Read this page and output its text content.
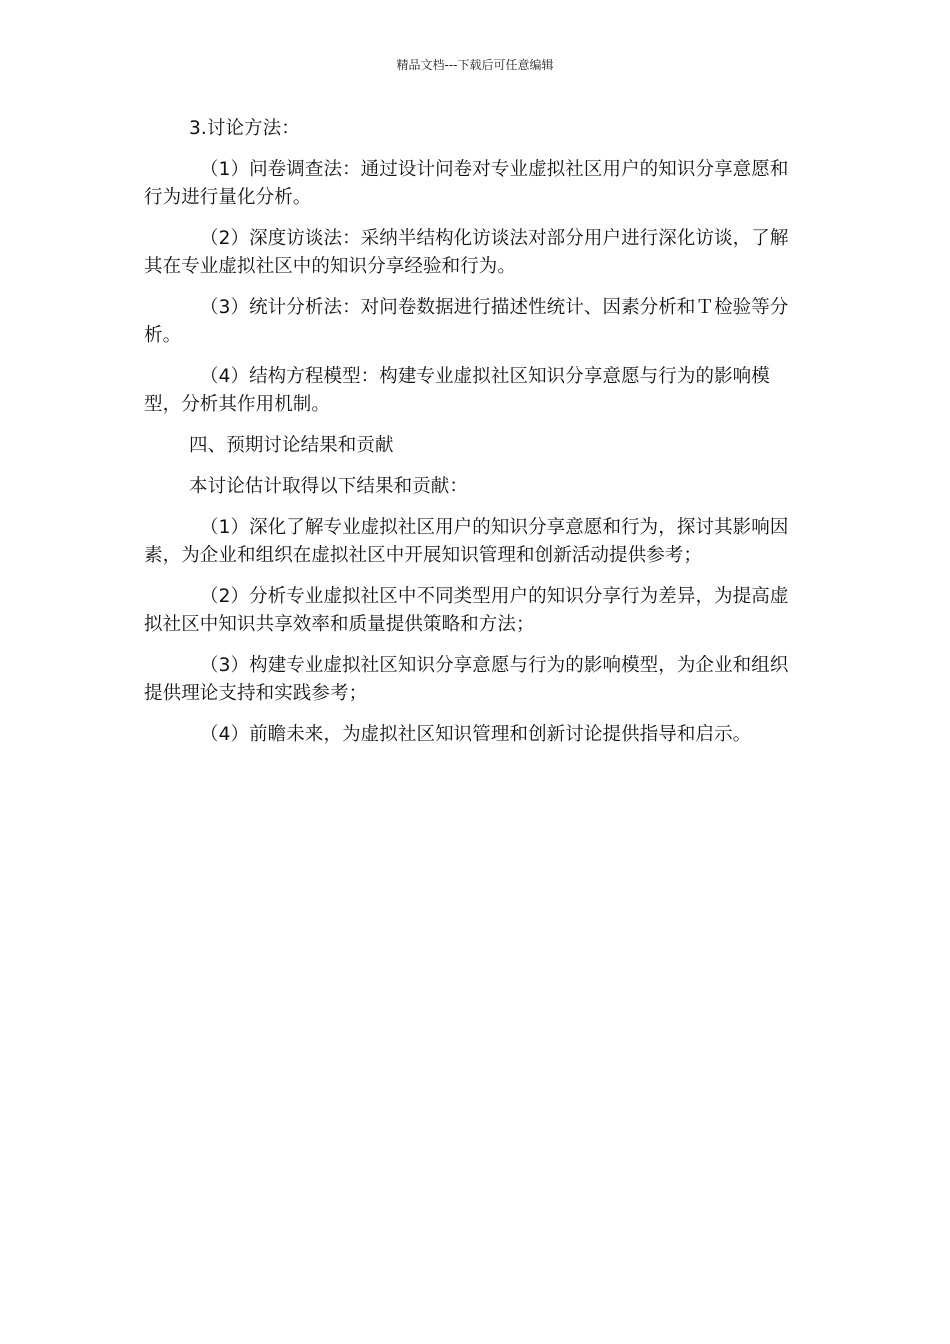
精品文档---下载后可任意编辑

3.讨论方法：

（1）问卷调查法：通过设计问卷对专业虚拟社区用户的知识分享意愿和行为进行量化分析。

（2）深度访谈法：采纳半结构化访谈法对部分用户进行深化访谈，了解其在专业虚拟社区中的知识分享经验和行为。

（3）统计分析法：对问卷数据进行描述性统计、因素分析和Ｔ检验等分析。

（4）结构方程模型：构建专业虚拟社区知识分享意愿与行为的影响模型，分析其作用机制。

四、预期讨论结果和贡献

本讨论估计取得以下结果和贡献：

（1）深化了解专业虚拟社区用户的知识分享意愿和行为，探讨其影响因素，为企业和组织在虚拟社区中开展知识管理和创新活动提供参考；

（2）分析专业虚拟社区中不同类型用户的知识分享行为差异，为提高虚拟社区中知识共享效率和质量提供策略和方法；

（3）构建专业虚拟社区知识分享意愿与行为的影响模型，为企业和组织提供理论支持和实践参考；

（4）前瞻未来，为虚拟社区知识管理和创新讨论提供指导和启示。
